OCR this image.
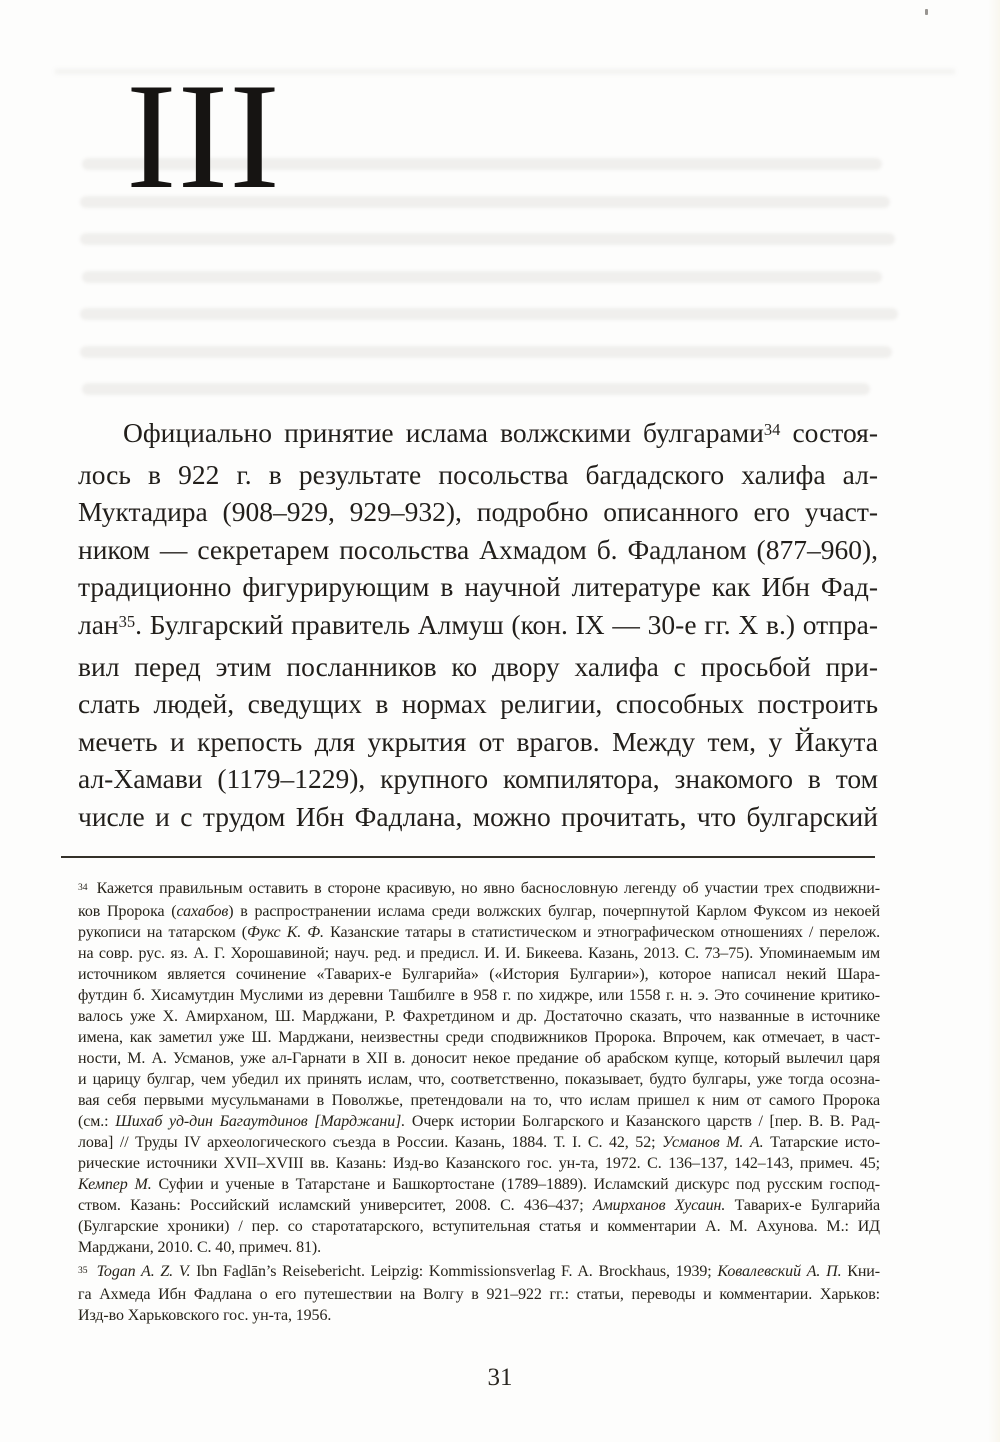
III
Официально принятие ислама волжскими булгарами$^{34}$ состоя-
лось в 922 г. в результате посольства багдадского халифа ал-
Муктадира (908–929, 929–932), подробно описанного его участ-
ником — секретарем посольства Ахмадом б. Фадланом (877–960),
традиционно фигурирующим в научной литературе как Ибн Фад-
лан$^{35}$. Булгарский правитель Алмуш (кон. IX — 30-е гг. X в.) отпра-
вил перед этим посланников ко двору халифа с просьбой при-
слать людей, сведущих в нормах религии, способных построить
мечеть и крепость для укрытия от врагов. Между тем, у Йакута
ал-Хамави (1179–1229), крупного компилятора, знакомого в том
числе и с трудом Ибн Фадлана, можно прочитать, что булгарский
$^{34}$ Кажется правильным оставить в стороне красивую, но явно баснословную легенду об участии трех сподвижни-
ков Пророка (сахабов) в распространении ислама среди волжских булгар, почерпнутой Карлом Фуксом из некоей
рукописи на татарском (Фукс К. Ф. Казанские татары в статистическом и этнографическом отношениях / перелож.
на совр. рус. яз. А. Г. Хорошавиной; науч. ред. и предисл. И. И. Бикеева. Казань, 2013. С. 73–75). Упоминаемым им
источником является сочинение «Таварих-е Булгарийа» («История Булгарии»), которое написал некий Шара-
футдин б. Хисамутдин Муслими из деревни Ташбилге в 958 г. по хиджре, или 1558 г. н. э. Это сочинение критико-
валось уже Х. Амирханом, Ш. Марджани, Р. Фахретдином и др. Достаточно сказать, что названные в источнике
имена, как заметил уже Ш. Марджани, неизвестны среди сподвижников Пророка. Впрочем, как отмечает, в част-
ности, М. А. Усманов, уже ал-Гарнати в XII в. доносит некое предание об арабском купце, который вылечил царя
и царицу булгар, чем убедил их принять ислам, что, соответственно, показывает, будто булгары, уже тогда осозна-
вая себя первыми мусульманами в Поволжье, претендовали на то, что ислам пришел к ним от самого Пророка
(см.: Шихаб уд-дин Багаутдинов [Марджани]. Очерк истории Болгарского и Казанского царств / [пер. В. В. Рад-
лова] // Труды IV археологического съезда в России. Казань, 1884. Т. I. С. 42, 52; Усманов М. А. Татарские исто-
рические источники XVII–XVIII вв. Казань: Изд-во Казанского гос. ун-та, 1972. С. 136–137, 142–143, примеч. 45;
Кемпер М. Суфии и ученые в Татарстане и Башкортостане (1789–1889). Исламский дискурс под русским господ-
ством. Казань: Российский исламский университет, 2008. С. 436–437; Амирханов Хусаин. Таварих-е Булгарийа
(Булгарские хроники) / пер. со старотатарского, вступительная статья и комментарии А. М. Ахунова. М.: ИД
Марджани, 2010. С. 40, примеч. 81).
$^{35}$ Togan A. Z. V. Ibn Faḏlān’s Reisebericht. Leipzig: Kommissionsverlag F. A. Brockhaus, 1939; Ковалевский А. П. Кни-
га Ахмеда Ибн Фадлана о его путешествии на Волгу в 921–922 гг.: статьи, переводы и комментарии. Харьков:
Изд-во Харьковского гос. ун-та, 1956.
31
